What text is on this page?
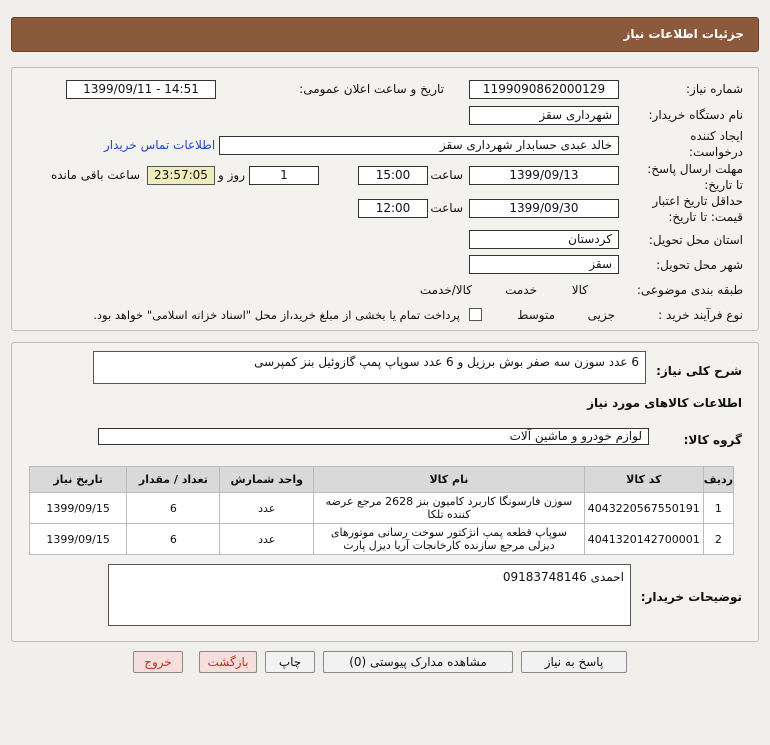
جزئیات اطلاعات نیاز
شماره نیاز:
1199090862000129
تاریخ و ساعت اعلان عمومی:
1399/09/11 - 14:51
نام دستگاه خریدار:
شهرداری سقز
ایجاد کننده
درخواست:
خالد عبدی حسابدار شهرداری سقز
اطلاعات تماس خریدار
مهلت ارسال پاسخ:
تا تاریخ:
1399/09/13
ساعت
15:00
1
روز و
23:57:05
ساعت باقی مانده
حداقل تاریخ اعتبار
قیمت: تا تاریخ:
1399/09/30
ساعت
12:00
استان محل تحویل:
کردستان
شهر محل تحویل:
سقز
طبقه بندی موضوعی:

کالا

خدمت

کالا/خدمت
نوع فرآیند خرید :

جزیی
متوسط
پرداخت تمام یا بخشی از مبلغ خرید،از محل "اسناد خزانه اسلامی" خواهد بود.
شرح کلی نیاز:
6 عدد سوزن سه صفر بوش برزیل و 6 عدد سوپاپ پمپ گازوئیل بنز کمپرسی
اطلاعات کالاهای مورد نیاز
گروه کالا:
لوازم خودرو و ماشین آلات
ردیف	کد کالا	نام کالا	واحد شمارش	تعداد / مقدار	تاریخ نیاز
1	4043220567550191	سوزن فارسونگا کاربرد کامیون بنز 2628 مرجع عرضه کننده تلکا	عدد	6	1399/09/15
2	4041320142700001	سوپاپ قطعه پمپ انژکتور سوخت رسانی موتورهای دیزلی مرجع سازنده کارخانجات آریا دیزل پارت	عدد	6	1399/09/15
توضیحات خریدار:
احمدی 09183748146
پاسخ به نیاز
مشاهده مدارک پیوستی (0)
چاپ
بازگشت
خروج
